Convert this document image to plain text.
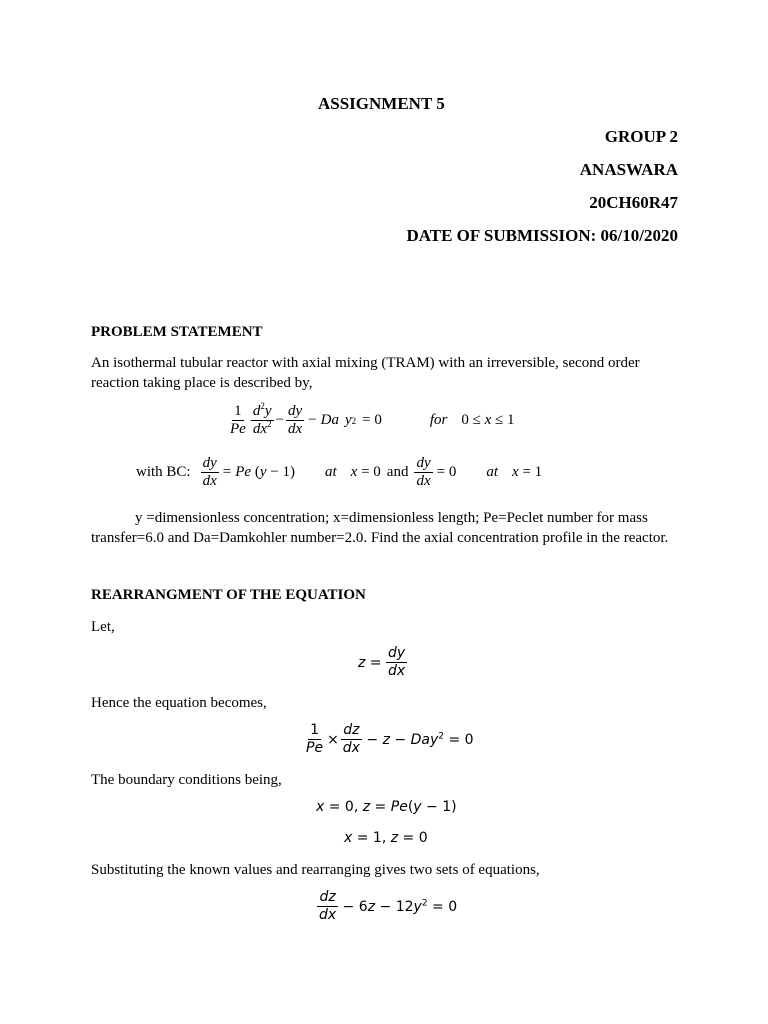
ASSIGNMENT 5
GROUP 2
ANASWARA
20CH60R47
DATE OF SUBMISSION: 06/10/2020
PROBLEM STATEMENT
An isothermal tubular reactor with axial mixing (TRAM) with an irreversible, second order
reaction taking place is described by,
$\frac{1}{Pe} \frac{d^2y}{dx^2} - \frac{dy}{dx} - Da$ y 2 = 0	for 0 ≤ x ≤ 1
with BC: $\frac{dy}{dx} = Pe$ ( y − 1) at x = 0 and $\frac{dy}{dx} = 0$ at x = 1
y =dimensionless concentration; x=dimensionless length; Pe=Peclet number for mass
transfer=6.0 and Da=Damkohler number=2.0. Find the axial concentration profile in the reactor.
REARRANGMENT OF THE EQUATION
Let,
$z = \frac{dy}{dx}$
Hence the equation becomes,
$\frac{1}{Pe} \times \frac{dz}{dx} - z - Day^2 = 0$
The boundary conditions being,
x = 0, z = Pe ( y − 1)
x = 1, z = 0
Substituting the known values and rearranging gives two sets of equations,
$\frac{dz}{dx} - 6z - 12y^2 = 0$
